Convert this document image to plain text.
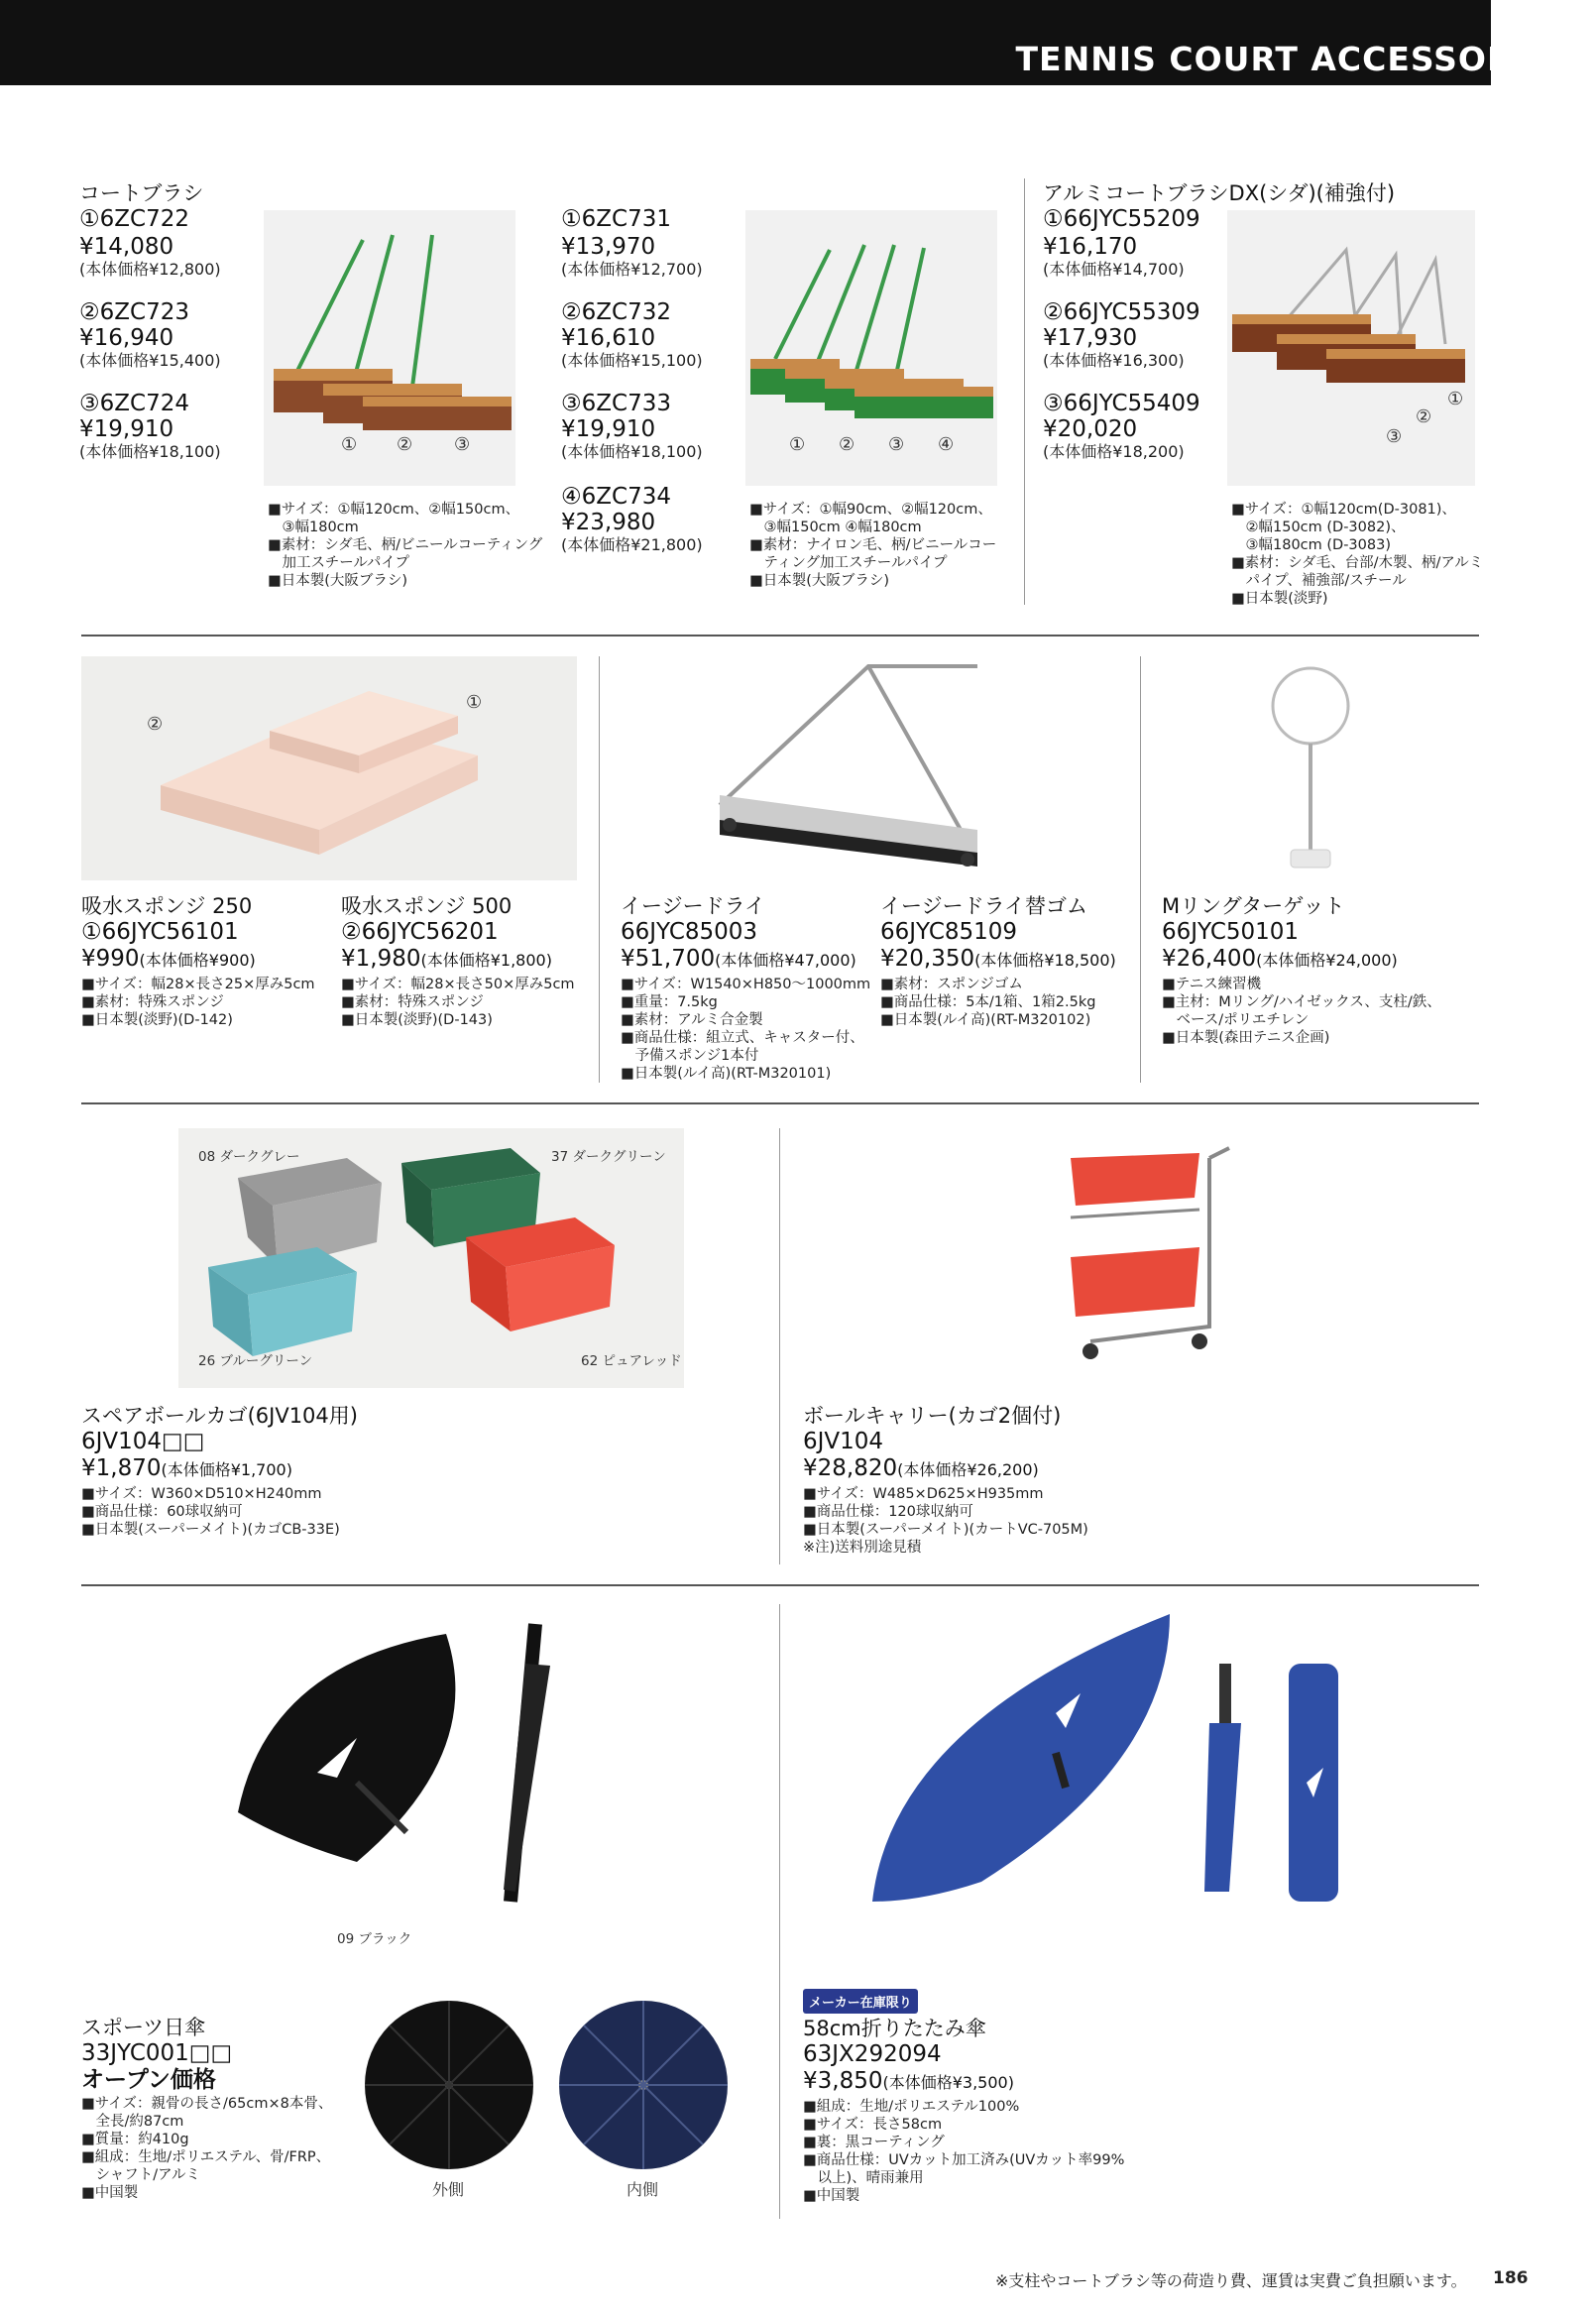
TENNIS COURT ACCESSORIES
コートブラシ
①6ZC722
¥14,080
(本体価格¥12,800)
②6ZC723
¥16,940
(本体価格¥15,400)
③6ZC724
¥19,910
(本体価格¥18,100)	① ② ③
■サイズ：①幅120cm、②幅150cm、
　③幅180cm
■素材：シダ毛、柄/ビニールコーティング
　加工スチールパイプ
■日本製(大阪ブラシ)
①6ZC731
¥13,970
(本体価格¥12,700)
②6ZC732
¥16,610
(本体価格¥15,100)
③6ZC733
¥19,910
(本体価格¥18,100)
④6ZC734
¥23,980
(本体価格¥21,800)
① ② ③ ④
■サイズ：①幅90cm、②幅120cm、
　③幅150cm ④幅180cm
■素材：ナイロン毛、柄/ビニールコー
　ティング加工スチールパイプ
■日本製(大阪ブラシ)
アルミコートブラシDX(シダ)(補強付)
①66JYC55209
¥16,170
(本体価格¥14,700)
②66JYC55309
¥17,930
(本体価格¥16,300)
③66JYC55409
¥20,020
(本体価格¥18,200)
①
②
③
■サイズ：①幅120cm(D-3081)、
　②幅150cm (D-3082)、
　③幅180cm (D-3083)
■素材：シダ毛、台部/木製、柄/アルミ
　パイプ、補強部/スチール
■日本製(淡野)
①
②
吸水スポンジ 250
①66JYC56101
¥990(本体価格¥900)
■サイズ：幅28×長さ25×厚み5cm
■素材：特殊スポンジ
■日本製(淡野)(D-142)
吸水スポンジ 500
②66JYC56201
¥1,980(本体価格¥1,800)
■サイズ：幅28×長さ50×厚み5cm
■素材：特殊スポンジ
■日本製(淡野)(D-143)
イージードライ
66JYC85003
¥51,700(本体価格¥47,000)
■サイズ：W1540×H850～1000mm
■重量：7.5kg
■素材：アルミ合金製
■商品仕様：組立式、キャスター付、
　予備スポンジ1本付
■日本製(ルイ高)(RT-M320101)
イージードライ替ゴム
66JYC85109
¥20,350(本体価格¥18,500)
■素材：スポンジゴム
■商品仕様：5本/1箱、1箱2.5kg
■日本製(ルイ高)(RT-M320102)
Mリングターゲット
66JYC50101
¥26,400(本体価格¥24,000)
■テニス練習機
■主材：Mリング/ハイゼックス、支柱/鉄、
　ベース/ポリエチレン
■日本製(森田テニス企画)
08 ダークグレー	37 ダークグリーン
26 ブルーグリーン	62 ピュアレッド
スペアボールカゴ(6JV104用)
6JV104□□
¥1,870(本体価格¥1,700)
■サイズ：W360×D510×H240mm
■商品仕様：60球収納可
■日本製(スーパーメイト)(カゴCB-33E)
ボールキャリー(カゴ2個付)
6JV104
¥28,820(本体価格¥26,200)
■サイズ：W485×D625×H935mm
■商品仕様：120球収納可
■日本製(スーパーメイト)(カートVC-705M)
※注)送料別途見積
09 ブラック
スポーツ日傘
33JYC001□□
オープン価格
■サイズ：親骨の長さ/65cm×8本骨、
　全長/約87cm
■質量：約410g
■組成：生地/ポリエステル、骨/FRP、
　シャフト/アルミ
■中国製	外側	内側
メーカー在庫限り
58cm折りたたみ傘
63JX292094
¥3,850(本体価格¥3,500)
■組成：生地/ポリエステル100%
■サイズ：長さ58cm
■裏：黒コーティング
■商品仕様：UVカット加工済み(UVカット率99%
　以上)、晴雨兼用
■中国製
※支柱やコートブラシ等の荷造り費、運賃は実費ご負担願います。 186
